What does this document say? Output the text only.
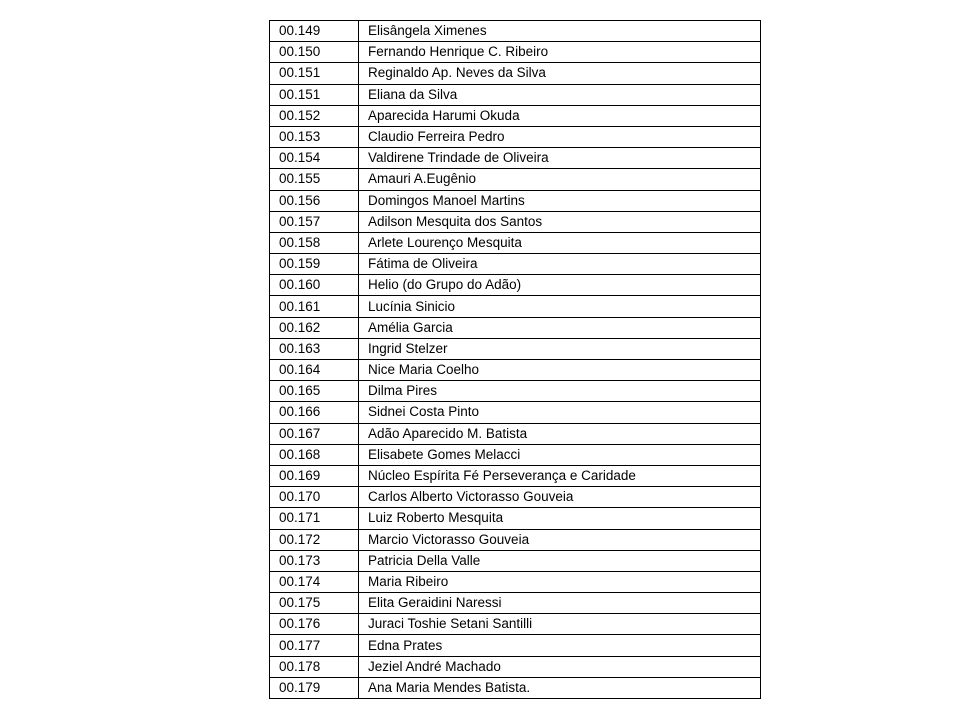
00.149	Elisângela Ximenes
00.150	Fernando Henrique C. Ribeiro
00.151	Reginaldo Ap. Neves da Silva
00.151	Eliana da Silva
00.152	Aparecida Harumi Okuda
00.153	Claudio Ferreira Pedro
00.154	Valdirene Trindade de Oliveira
00.155	Amauri A.Eugênio
00.156	Domingos Manoel Martins
00.157	Adilson Mesquita dos Santos
00.158	Arlete Lourenço Mesquita
00.159	Fátima de Oliveira
00.160	Helio (do Grupo do Adão)
00.161	Lucínia Sinicio
00.162	Amélia Garcia
00.163	Ingrid Stelzer
00.164	Nice Maria Coelho
00.165	Dilma Pires
00.166	Sidnei Costa Pinto
00.167	Adão Aparecido M. Batista
00.168	Elisabete Gomes Melacci
00.169	Núcleo Espírita Fé Perseverança e Caridade
00.170	Carlos Alberto Victorasso Gouveia
00.171	Luiz Roberto Mesquita
00.172	Marcio Victorasso Gouveia
00.173	Patricia Della Valle
00.174	Maria Ribeiro
00.175	Elita Geraidini Naressi
00.176	Juraci Toshie Setani Santilli
00.177	Edna Prates
00.178	Jeziel André Machado
00.179	Ana Maria Mendes Batista.
